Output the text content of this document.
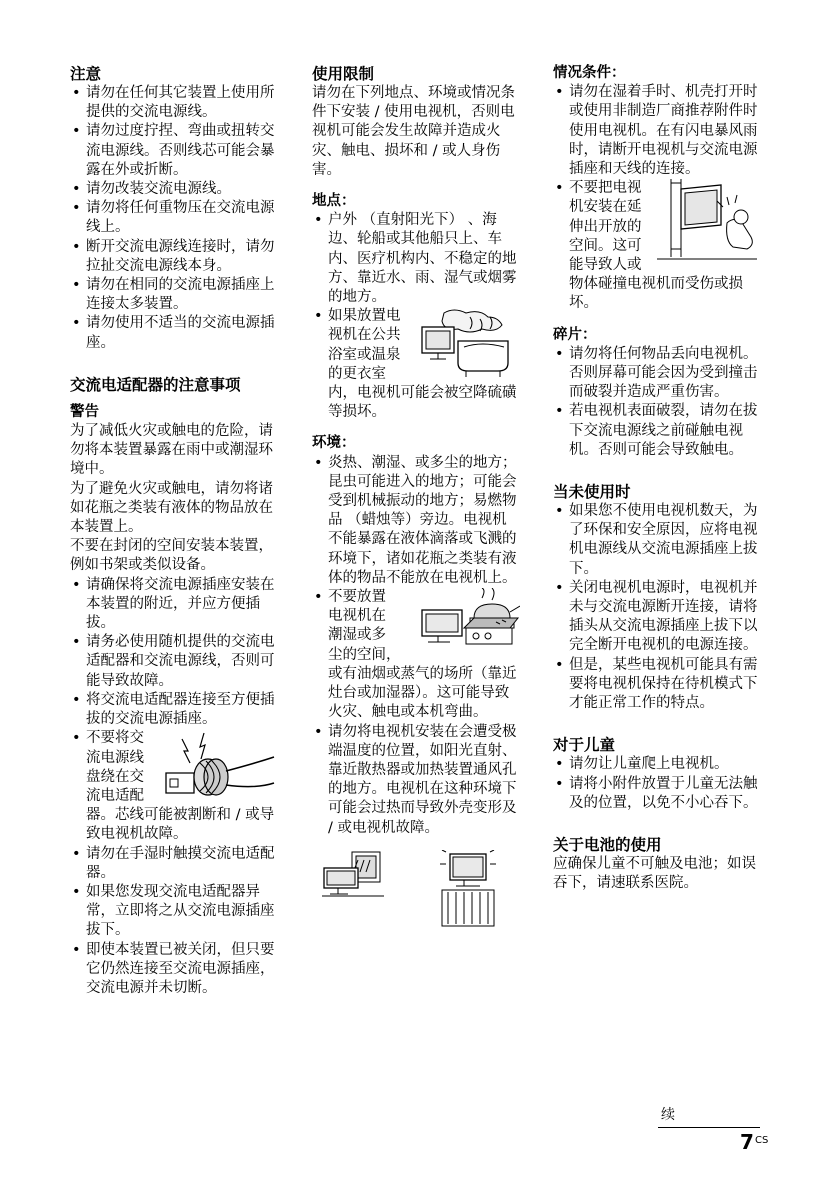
注意

• 请勿在任何其它装置上使用所提供的交流电源线。
• 请勿过度拧捏、弯曲或扭转交流电源线。否则线芯可能会暴露在外或折断。
• 请勿改装交流电源线。
• 请勿将任何重物压在交流电源线上。
• 断开交流电源线连接时，请勿拉扯交流电源线本身。
• 请勿在相同的交流电源插座上连接太多装置。
• 请勿使用不适当的交流电源插座。

交流电适配器的注意事项

警告

为了减低火灾或触电的危险，请勿将本装置暴露在雨中或潮湿环境中。

为了避免火灾或触电，请勿将诸如花瓶之类装有液体的物品放在本装置上。

不要在封闭的空间安装本装置，例如书架或类似设备。

• 请确保将交流电源插座安装在本装置的附近，并应方便插拔。
• 请务必使用随机提供的交流电适配器和交流电源线，否则可能导致故障。
• 将交流电适配器连接至方便插拔的交流电源插座。
• 不要将交
流电源线
盘绕在交
流电适配
器。芯线可能被割断和 / 或导致电视机故障。
• 请勿在手湿时触摸交流电适配器。
• 如果您发现交流电适配器异常，立即将之从交流电源插座拔下。
• 即使本装置已被关闭，但只要它仍然连接至交流电源插座，交流电源并未切断。

使用限制

请勿在下列地点、环境或情况条件下安装 / 使用电视机，否则电视机可能会发生故障并造成火灾、触电、损坏和 / 或人身伤害。

地点：

• 户外 （直射阳光下） 、海边、轮船或其他船只上、车内、医疗机构内、不稳定的地方、靠近水、雨、湿气或烟雾的地方。
• 如果放置电
视机在公共
浴室或温泉
的更衣室
内，电视机可能会被空降硫磺等损坏。

环境：

• 炎热、潮湿、或多尘的地方；昆虫可能进入的地方；可能会受到机械振动的地方；易燃物品 （蜡烛等）旁边。电视机不能暴露在液体滴落或飞溅的环境下，诸如花瓶之类装有液体的物品不能放在电视机上。
• 不要放置
电视机在
潮湿或多
尘的空间，
或有油烟或蒸气的场所（靠近灶台或加湿器）。这可能导致火灾、触电或本机弯曲。
• 请勿将电视机安装在会遭受极端温度的位置，如阳光直射、靠近散热器或加热装置通风孔的地方。电视机在这种环境下可能会过热而导致外壳变形及 / 或电视机故障。

情况条件：

• 请勿在湿着手时、机壳打开时或使用非制造厂商推荐附件时使用电视机。在有闪电暴风雨时，请断开电视机与交流电源插座和天线的连接。
• 不要把电视
机安装在延
伸出开放的
空间。这可
能导致人或
物体碰撞电视机而受伤或损坏。

碎片：

• 请勿将任何物品丢向电视机。否则屏幕可能会因为受到撞击而破裂并造成严重伤害。
• 若电视机表面破裂，请勿在拔下交流电源线之前碰触电视机。否则可能会导致触电。

当未使用时

• 如果您不使用电视机数天，为了环保和安全原因，应将电视机电源线从交流电源插座上拔下。
• 关闭电视机电源时，电视机并未与交流电源断开连接，请将插头从交流电源插座上拔下以完全断开电视机的电源连接。
• 但是，某些电视机可能具有需要将电视机保持在待机模式下才能正常工作的特点。

对于儿童

• 请勿让儿童爬上电视机。
• 请将小附件放置于儿童无法触及的位置，以免不小心吞下。

关于电池的使用

应确保儿童不可触及电池；如误吞下，请速联系医院。

续
7 CS
